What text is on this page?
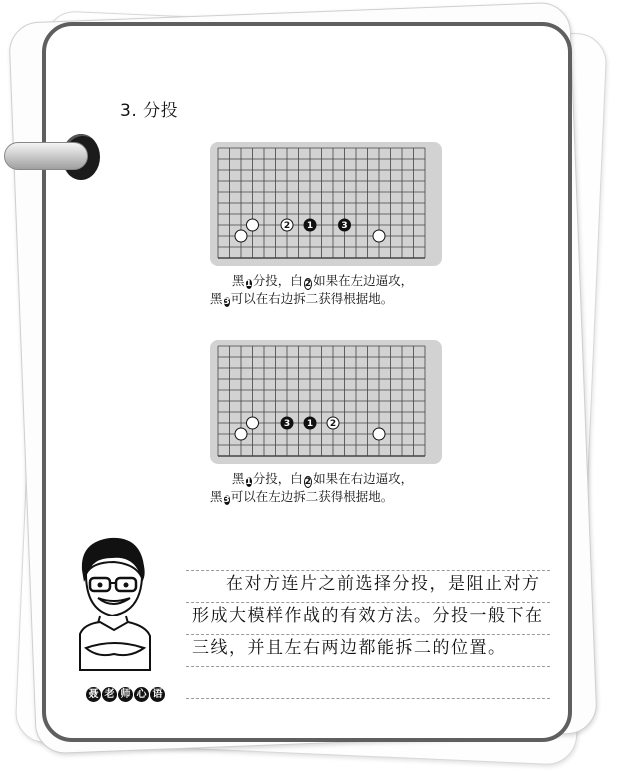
3. 分投
2 1	3
黑1分投，白 2 如果在左边逼攻，
黑3可以在右边拆二获得根据地。
3 1 2
黑1分投，白 2 如果在右边逼攻，
黑3可以在左边拆二获得根据地。
聂 老 师 心 语

在对方连片之前选择分投，是阻止对方形成大模样作战的有效方法。分投一般下在三线，并且左右两边都能拆二的位置。
